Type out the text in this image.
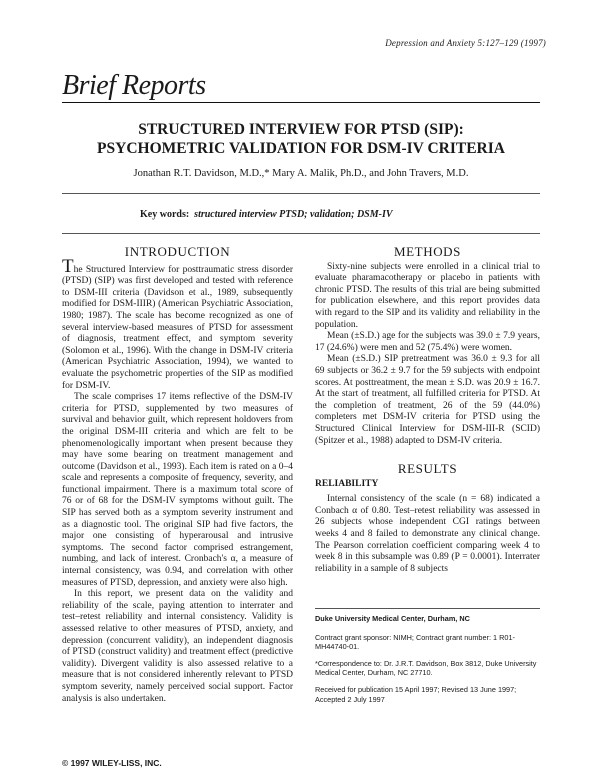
Depression and Anxiety 5:127–129 (1997)
Brief Reports
STRUCTURED INTERVIEW FOR PTSD (SIP):
PSYCHOMETRIC VALIDATION FOR DSM-IV CRITERIA
Jonathan R.T. Davidson, M.D.,* Mary A. Malik, Ph.D., and John Travers, M.D.
Key words: structured interview PTSD; validation; DSM-IV
INTRODUCTION

The Structured Interview for posttraumatic stress disorder (PTSD) (SIP) was first developed and tested with reference to DSM-III criteria (Davidson et al., 1989, subsequently modified for DSM-IIIR) (American Psychiatric Association, 1980; 1987). The scale has become recognized as one of several interview-based measures of PTSD for assessment of diagnosis, treatment effect, and symptom severity (Solomon et al., 1996). With the change in DSM-IV criteria (American Psychiatric Association, 1994), we wanted to evaluate the psychometric properties of the SIP as modified for DSM-IV.

The scale comprises 17 items reflective of the DSM-IV criteria for PTSD, supplemented by two measures of survival and behavior guilt, which represent holdovers from the original DSM-III criteria and which are felt to be phenomenologically important when present because they may have some bearing on treatment management and outcome (Davidson et al., 1993). Each item is rated on a 0–4 scale and represents a composite of frequency, severity, and functional impairment. There is a maximum total score of 76 or of 68 for the DSM-IV symptoms without guilt. The SIP has served both as a symptom severity instrument and as a diagnostic tool. The original SIP had five factors, the major one consisting of hyperarousal and intrusive symptoms. The second factor comprised estrangement, numbing, and lack of interest. Cronbach's α, a measure of internal consistency, was 0.94, and correlation with other measures of PTSD, depression, and anxiety were also high.

In this report, we present data on the validity and reliability of the scale, paying attention to interrater and test–retest reliability and internal consistency. Validity is assessed relative to other measures of PTSD, anxiety, and depression (concurrent validity), an independent diagnosis of PTSD (construct validity) and treatment effect (predictive validity). Divergent validity is also assessed relative to a measure that is not considered inherently relevant to PTSD symptom severity, namely perceived social support. Factor analysis is also undertaken.

METHODS

Sixty-nine subjects were enrolled in a clinical trial to evaluate pharamacotherapy or placebo in patients with chronic PTSD. The results of this trial are being submitted for publication elsewhere, and this report provides data with regard to the SIP and its validity and reliability in the population.

Mean (±S.D.) age for the subjects was 39.0 ± 7.9 years, 17 (24.6%) were men and 52 (75.4%) were women.

Mean (±S.D.) SIP pretreatment was 36.0 ± 9.3 for all 69 subjects or 36.2 ± 9.7 for the 59 subjects with endpoint scores. At posttreatment, the mean ± S.D. was 20.9 ± 16.7. At the start of treatment, all fulfilled criteria for PTSD. At the completion of treatment, 26 of the 59 (44.0%) completers met DSM-IV criteria for PTSD using the Structured Clinical Interview for DSM-III-R (SCID) (Spitzer et al., 1988) adapted to DSM-IV criteria.

RESULTS
RELIABILITY

Internal consistency of the scale (n = 68) indicated a Conbach α of 0.80. Test–retest reliability was assessed in 26 subjects whose independent CGI ratings between weeks 4 and 8 failed to demonstrate any clinical change. The Pearson correlation coefficient comparing week 4 to week 8 in this subsample was 0.89 (P = 0.0001). Interrater reliability in a sample of 8 subjects

Duke University Medical Center, Durham, NC
Contract grant sponsor: NIMH; Contract grant number: 1 R01-MH44740-01.
*Correspondence to: Dr. J.R.T. Davidson, Box 3812, Duke University Medical Center, Durham, NC 27710.
Received for publication 15 April 1997; Revised 13 June 1997; Accepted 2 July 1997
© 1997 WILEY-LISS, INC.
